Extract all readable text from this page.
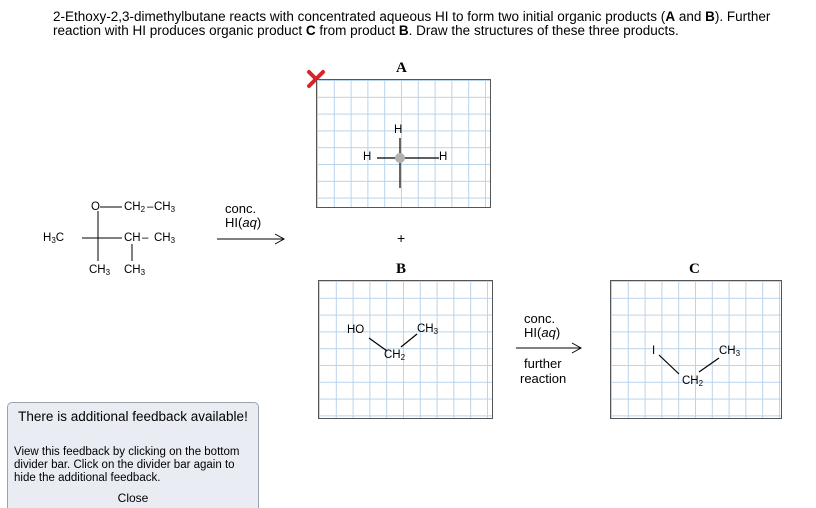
2-Ethoxy-2,3-dimethylbutane reacts with concentrated aqueous HI to form two initial organic products (A and B). Further reaction with HI produces organic product C from product B. Draw the structures of these three products.
O $CH_2 - CH_3$
$H_3C$	CH – $CH_3$
$CH_3$ $CH_3$
conc.
HI(aq)
A
H
H	H
+
B
HO
$CH_2$
$CH_3$
conc.
HI(aq)
further
reaction
C
I
$CH_2$
$CH_3$
There is additional feedback available!
View this feedback by clicking on the bottom divider bar. Click on the divider bar again to hide the additional feedback.
Close
